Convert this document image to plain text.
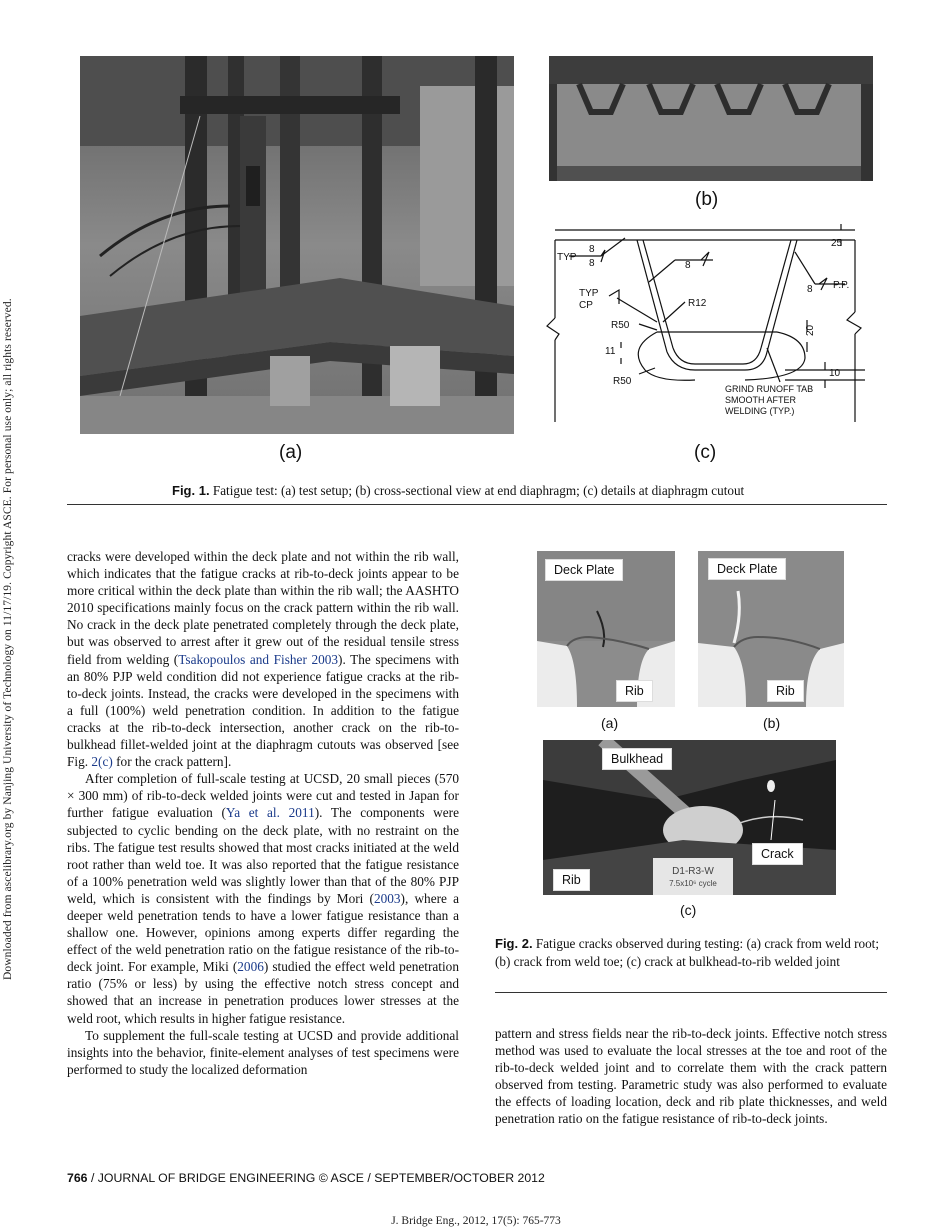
Downloaded from ascelibrary.org by Nanjing University of Technology on 11/17/19. Copyright ASCE. For personal use only; all rights reserved.	(a)
(b)
TYP
8
8	8
25
P.P.
8
TYP
CP	R12
R50	20
11
R50
10
GRIND RUNOFF TAB
SMOOTH AFTER
WELDING (TYP.)
(c)
Fig. 1. Fatigue test: (a) test setup; (b) cross-sectional view at end diaphragm; (c) details at diaphragm cutout

cracks were developed within the deck plate and not within the rib wall, which indicates that the fatigue cracks at rib-to-deck joints appear to be more critical within the deck plate than within the rib wall; the AASHTO 2010 specifications mainly focus on the crack pattern within the rib wall. No crack in the deck plate penetrated completely through the deck plate, but was observed to arrest after it grew out of the residual tensile stress field from welding (Tsakopoulos and Fisher 2003). The specimens with an 80% PJP weld condition did not experience fatigue cracks at the rib-to-deck joints. Instead, the cracks were developed in the specimens with a full (100%) weld penetration condition. In addition to the fatigue cracks at the rib-to-deck intersection, another crack on the rib-to-bulkhead fillet-welded joint at the diaphragm cutouts was observed [see Fig. 2(c) for the crack pattern].

After completion of full-scale testing at UCSD, 20 small pieces (570 × 300 mm) of rib-to-deck welded joints were cut and tested in Japan for further fatigue evaluation (Ya et al. 2011). The components were subjected to cyclic bending on the deck plate, with no restraint on the ribs. The fatigue test results showed that most cracks initiated at the weld root rather than weld toe. It was also reported that the fatigue resistance of a 100% penetration weld was slightly lower than that of the 80% PJP weld, which is consistent with the findings by Mori (2003), where a deeper weld penetration tends to have a lower fatigue resistance than a shallow one. However, opinions among experts differ regarding the effect of the weld penetration ratio on the fatigue resistance of the rib-to-deck joint. For example, Miki (2006) studied the effect weld penetration ratio (75% or less) by using the effective notch stress concept and showed that an increase in penetration produces lower stresses at the weld root, which results in higher fatigue resistance.

To supplement the full-scale testing at UCSD and provide additional insights into the behavior, finite-element analyses of test specimens were performed to study the localized deformation

Deck Plate
Rib
(a)
Deck Plate
Rib
(b)
Bulkhead
Crack
Rib
D1-R3-W
7.5x10⁶ cycle
(c)
Fig. 2. Fatigue cracks observed during testing: (a) crack from weld root; (b) crack from weld toe; (c) crack at bulkhead-to-rib welded joint

pattern and stress fields near the rib-to-deck joints. Effective notch stress method was used to evaluate the local stresses at the toe and root of the rib-to-deck welded joint and to correlate them with the crack pattern observed from testing. Parametric study was also performed to evaluate the effects of loading location, deck and rib plate thicknesses, and weld penetration ratio on the fatigue resistance of rib-to-deck joints.

766 / JOURNAL OF BRIDGE ENGINEERING © ASCE / SEPTEMBER/OCTOBER 2012
J. Bridge Eng., 2012, 17(5): 765-773
